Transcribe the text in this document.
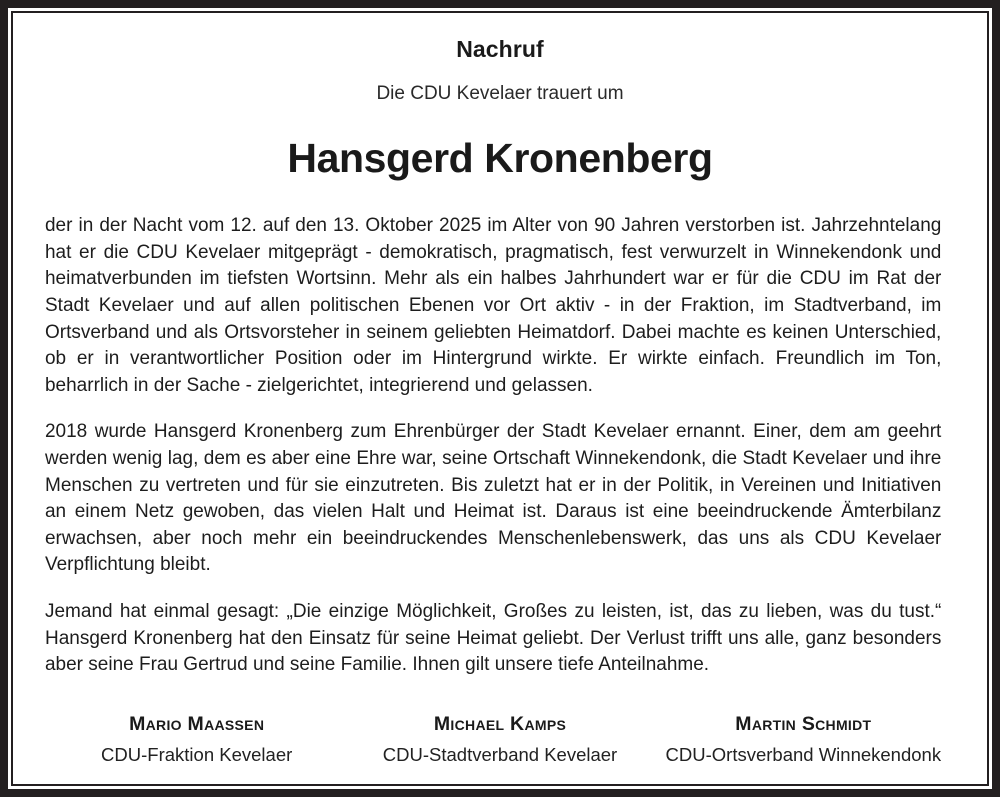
Nachruf

Die CDU Kevelaer trauert um

Hansgerd Kronenberg

der in der Nacht vom 12. auf den 13. Oktober 2025 im Alter von 90 Jahren verstorben ist. Jahrzehntelang hat er die CDU Kevelaer mitgeprägt - demokratisch, pragmatisch, fest verwurzelt in Winnekendonk und heimatverbunden im tiefsten Wortsinn. Mehr als ein halbes Jahrhundert war er für die CDU im Rat der Stadt Kevelaer und auf allen politischen Ebenen vor Ort aktiv - in der Fraktion, im Stadtverband, im Ortsverband und als Ortsvorsteher in seinem geliebten Heimatdorf. Dabei machte es keinen Unterschied, ob er in verantwortlicher Position oder im Hintergrund wirkte. Er wirkte einfach. Freundlich im Ton, beharrlich in der Sache - zielgerichtet, integrierend und gelassen.

2018 wurde Hansgerd Kronenberg zum Ehrenbürger der Stadt Kevelaer ernannt. Einer, dem am geehrt werden wenig lag, dem es aber eine Ehre war, seine Ortschaft Winnekendonk, die Stadt Kevelaer und ihre Menschen zu vertreten und für sie einzutreten. Bis zuletzt hat er in der Politik, in Vereinen und Initiativen an einem Netz gewoben, das vielen Halt und Heimat ist. Daraus ist eine beeindruckende Ämterbilanz erwachsen, aber noch mehr ein beeindruckendes Menschenlebenswerk, das uns als CDU Kevelaer Verpflichtung bleibt.

Jemand hat einmal gesagt: „Die einzige Möglichkeit, Großes zu leisten, ist, das zu lieben, was du tust.“ Hansgerd Kronenberg hat den Einsatz für seine Heimat geliebt. Der Verlust trifft uns alle, ganz besonders aber seine Frau Gertrud und seine Familie. Ihnen gilt unsere tiefe Anteilnahme.

Mario Maassen
CDU-Fraktion Kevelaer
Michael Kamps
CDU-Stadtverband Kevelaer
Martin Schmidt
CDU-Ortsverband Winnekendonk
